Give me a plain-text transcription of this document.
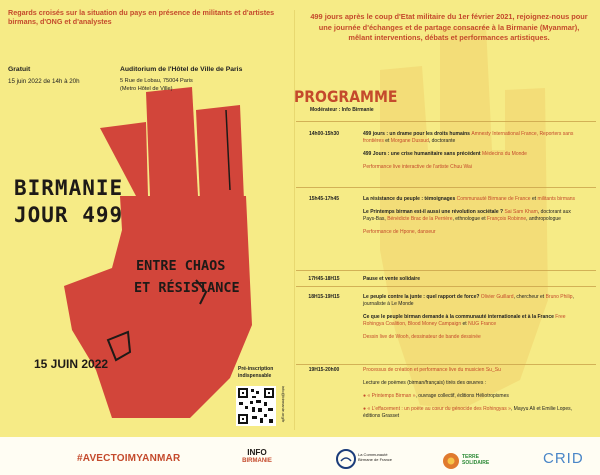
Regards croisés sur la situation du pays en présence de militants et d'artistes birmans, d'ONG et d'analystes
Gratuit
15 juin 2022 de 14h à 20h
Auditorium de l'Hôtel de Ville de Paris
5 Rue de Lobau, 75004 Paris
(Metro Hôtel de Ville)
BIRMANIE
JOUR 499
ENTRE CHAOS
ET RÉSISTANCE
15 JUIN 2022	Pré-inscription indispensable
info@birmanie.org/fr
499 jours après le coup d'Etat militaire du 1er février 2021, rejoignez-nous pour une journée d'échanges et de partage consacrée à la Birmanie (Myanmar), mêlant interventions, débats et performances artistiques.
PROGRAMME
Modérateur : Info Birmanie
14h00-15h30	499 jours : un drame pour les droits humains Amnesty International France, Reporters sans frontières et Morgane Dussud, doctorante
499 Jours : une crise humanitaire sans précédent Médecins du Monde
Performance live interactive de l'artiste Chuu Wai
15h45-17h45	La résistance du peuple : témoignages Communauté Birmane de France et militants birmans
Le Printemps birman est-il aussi une révolution sociétale ? Sai Sam Kham, doctorant aux Pays-Bas, Bénédicte Brac de la Perrière, ethnologue et François Robinne, anthropologue
Performance de Hpone, danseur
17H45-18H15	Pause et vente solidaire
18H15-19H15	Le peuple contre la junte : quel rapport de force? Olivier Guillard, chercheur et Bruno Philip, journaliste à Le Monde
Ce que le peuple birman demande à la communauté internationale et à la France Free Rohingya Coalition, Blood Money Campaign et NUG France
Dessin live de Wooh, dessinateur de bande dessinée
19H15-20h00	Processus de création et performance live du musicien Su_Su
Lecture de poèmes (birman/français) tirés des œuvres :
● « Printemps Birman », ouvrage collectif, éditions Héliotropismes
● « L'effacement : un poète au cœur du génocide des Rohingyas », Mayyu Ali et Emilie Lopes, éditions Grasset
#AVECTOIMYANMAR
INFO
BIRMANIE
La Communauté Birmane de France	TERRE SOLIDAIRE	CRID
